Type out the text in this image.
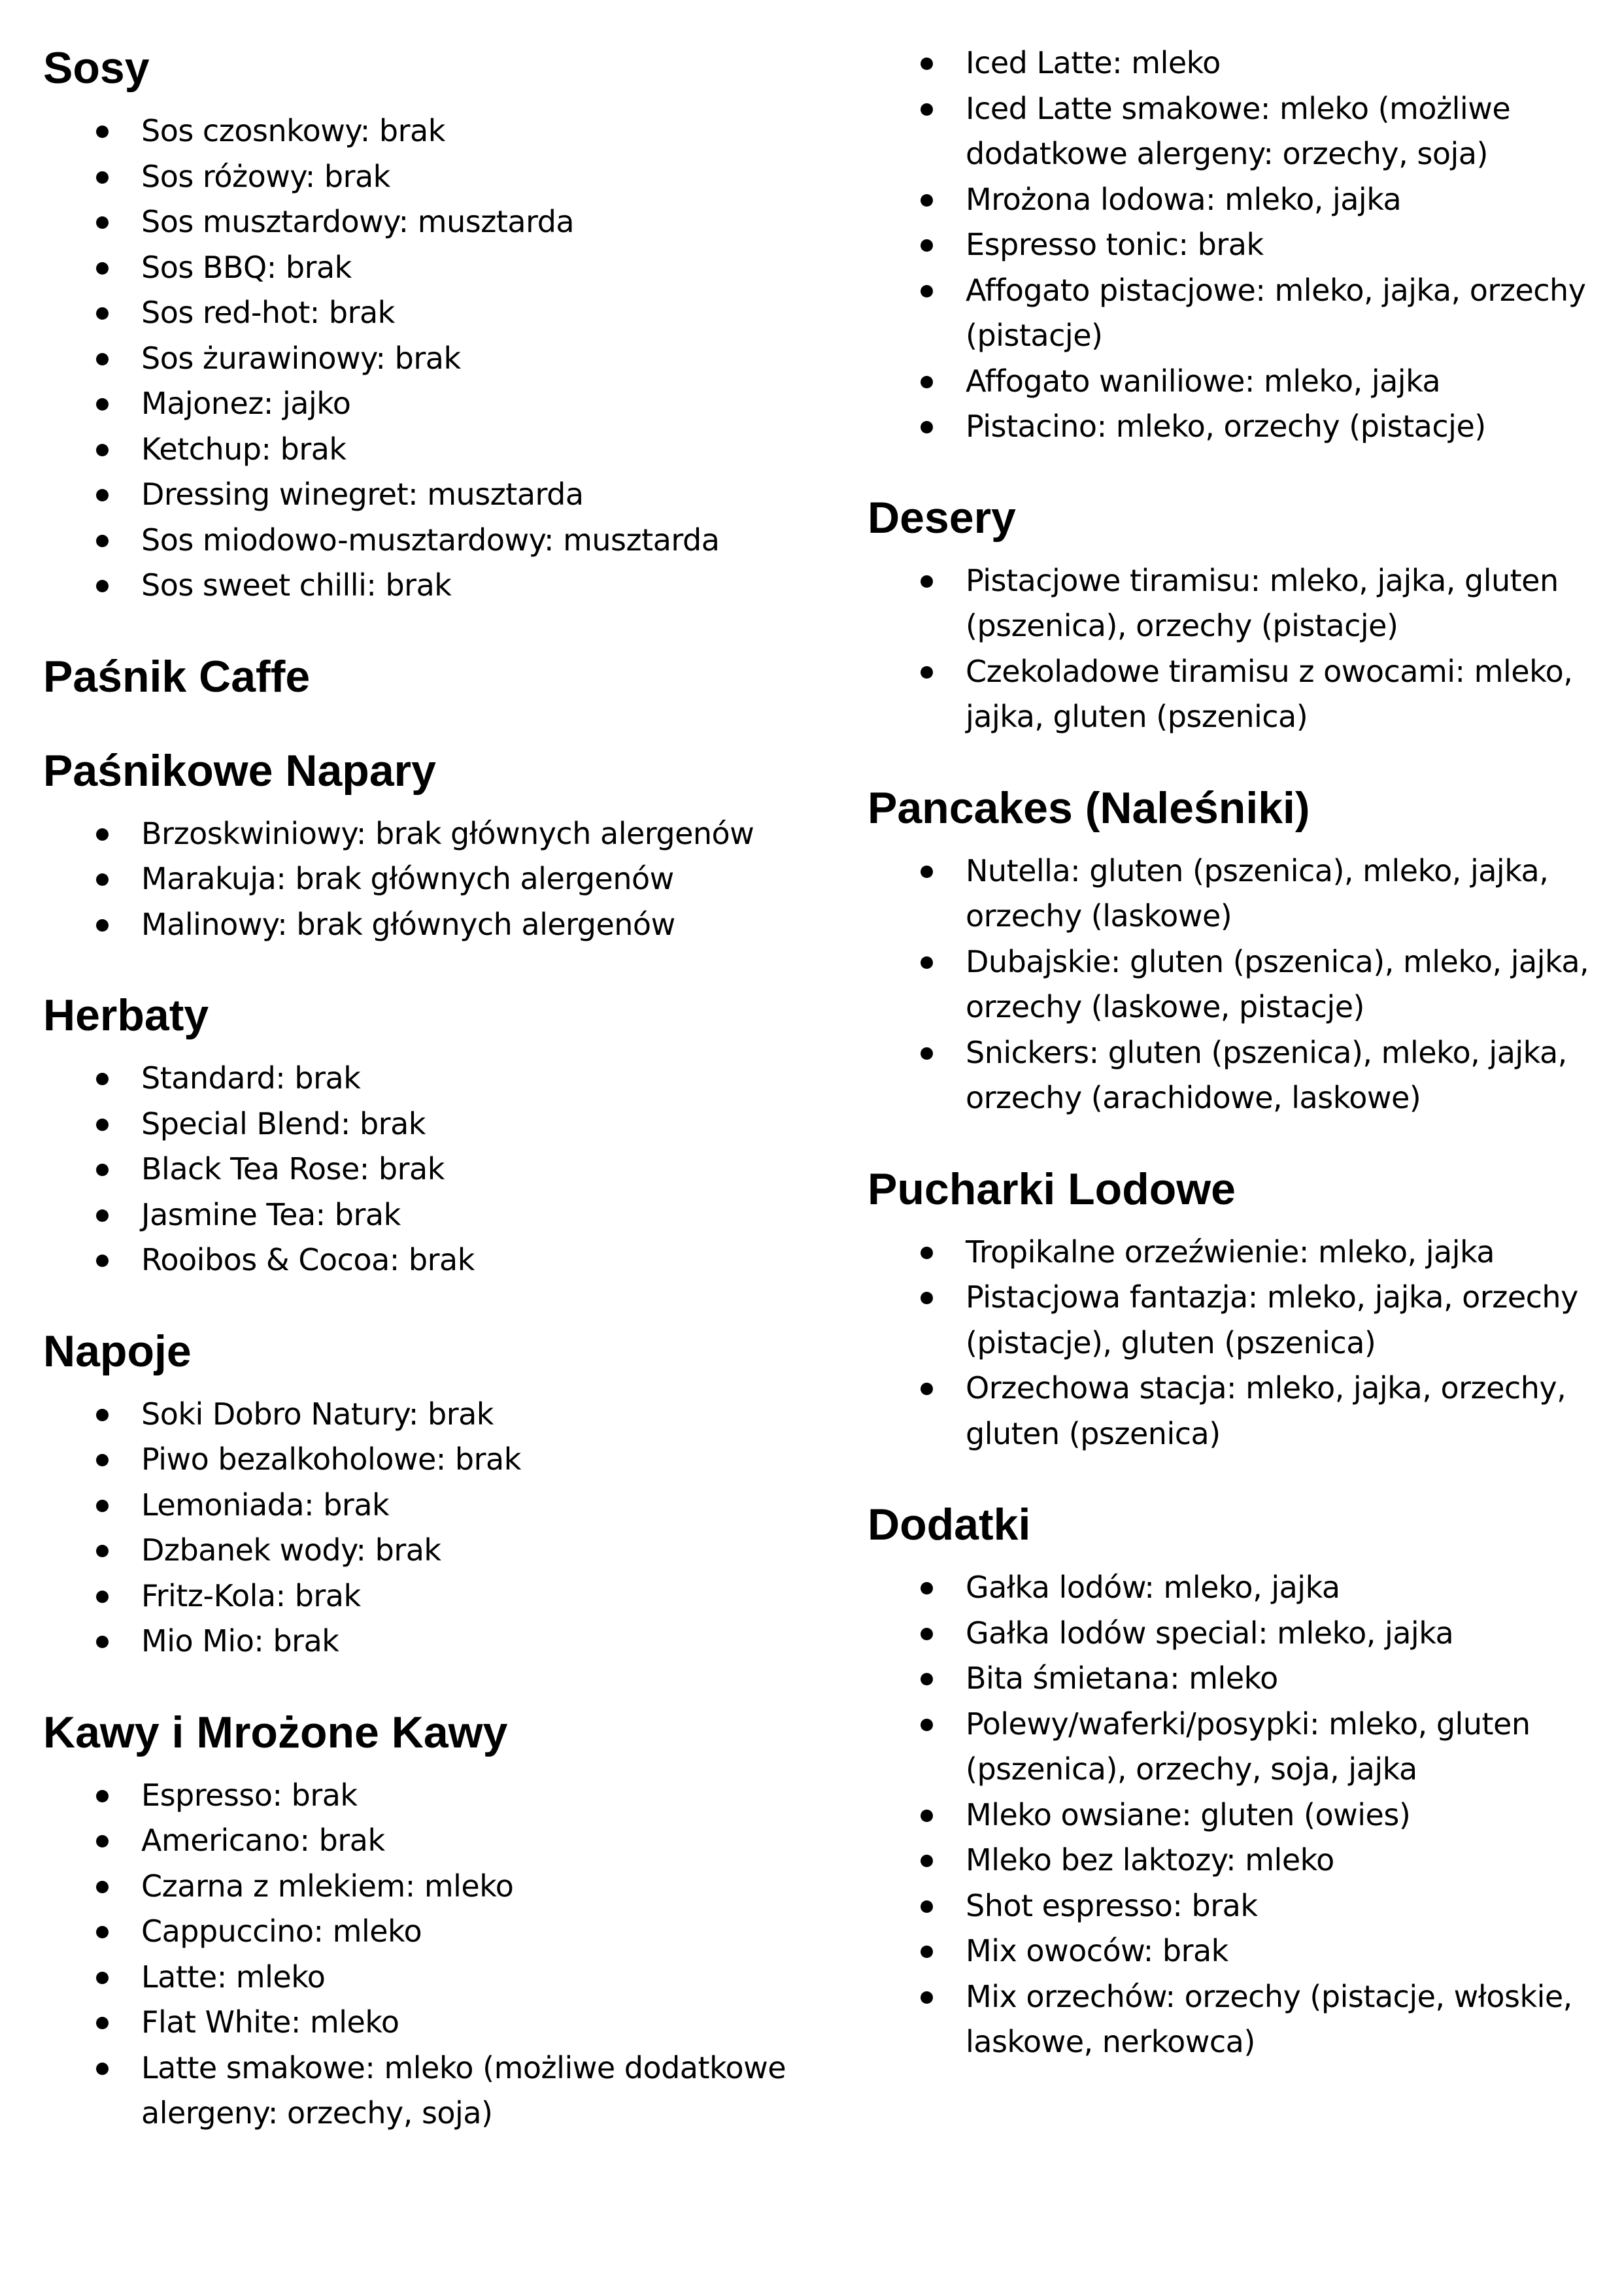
Sosy
Sos czosnkowy: brak
Sos różowy: brak
Sos musztardowy: musztarda
Sos BBQ: brak
Sos red-hot: brak
Sos żurawinowy: brak
Majonez: jajko
Ketchup: brak
Dressing winegret: musztarda
Sos miodowo-musztardowy: musztarda
Sos sweet chilli: brak
Paśnik Caffe
Paśnikowe Napary
Brzoskwiniowy: brak głównych alergenów
Marakuja: brak głównych alergenów
Malinowy: brak głównych alergenów
Herbaty
Standard: brak
Special Blend: brak
Black Tea Rose: brak
Jasmine Tea: brak
Rooibos & Cocoa: brak
Napoje
Soki Dobro Natury: brak
Piwo bezalkoholowe: brak
Lemoniada: brak
Dzbanek wody: brak
Fritz-Kola: brak
Mio Mio: brak
Kawy i Mrożone Kawy
Espresso: brak
Americano: brak
Czarna z mlekiem: mleko
Cappuccino: mleko
Latte: mleko
Flat White: mleko
Latte smakowe: mleko (możliwe dodatkowe alergeny: orzechy, soja)
Iced Latte: mleko
Iced Latte smakowe: mleko (możliwe dodatkowe alergeny: orzechy, soja)
Mrożona lodowa: mleko, jajka
Espresso tonic: brak
Affogato pistacjowe: mleko, jajka, orzechy (pistacje)
Affogato waniliowe: mleko, jajka
Pistacino: mleko, orzechy (pistacje)
Desery
Pistacjowe tiramisu: mleko, jajka, gluten (pszenica), orzechy (pistacje)
Czekoladowe tiramisu z owocami: mleko, jajka, gluten (pszenica)
Pancakes (Naleśniki)
Nutella: gluten (pszenica), mleko, jajka, orzechy (laskowe)
Dubajskie: gluten (pszenica), mleko, jajka, orzechy (laskowe, pistacje)
Snickers: gluten (pszenica), mleko, jajka, orzechy (arachidowe, laskowe)
Pucharki Lodowe
Tropikalne orzeźwienie: mleko, jajka
Pistacjowa fantazja: mleko, jajka, orzechy (pistacje), gluten (pszenica)
Orzechowa stacja: mleko, jajka, orzechy, gluten (pszenica)
Dodatki
Gałka lodów: mleko, jajka
Gałka lodów special: mleko, jajka
Bita śmietana: mleko
Polewy/waferki/posypki: mleko, gluten (pszenica), orzechy, soja, jajka
Mleko owsiane: gluten (owies)
Mleko bez laktozy: mleko
Shot espresso: brak
Mix owoców: brak
Mix orzechów: orzechy (pistacje, włoskie, laskowe, nerkowca)
